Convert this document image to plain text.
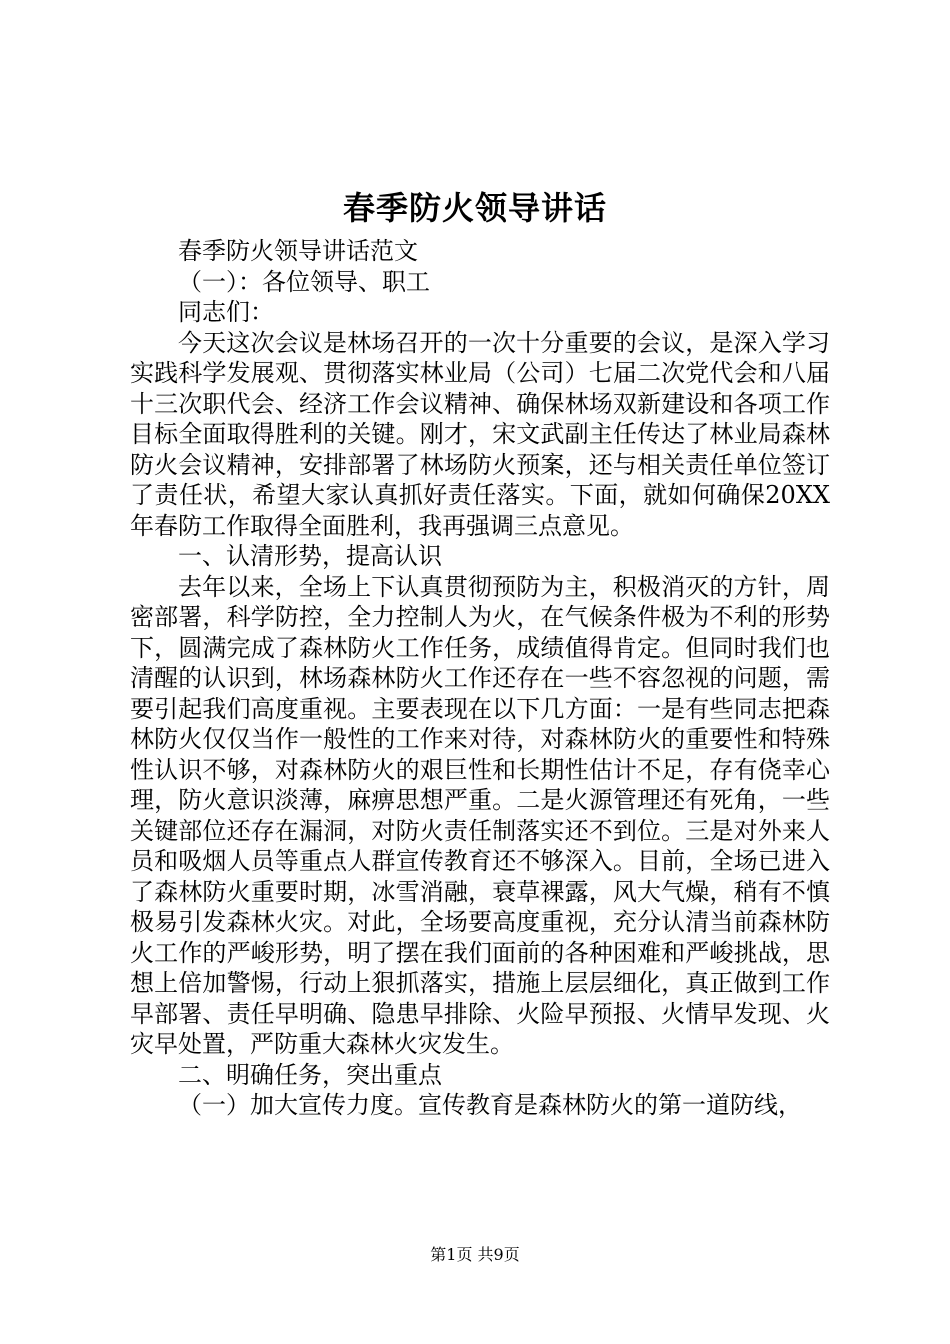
春季防火领导讲话

春季防火领导讲话范文

（一）：各位领导、职工

同志们：

今天这次会议是林场召开的一次十分重要的会议，是深入学习实践科学发展观、贯彻落实林业局（公司）七届二次党代会和八届十三次职代会、经济工作会议精神、确保林场双新建设和各项工作目标全面取得胜利的关键。刚才，宋文武副主任传达了林业局森林防火会议精神，安排部署了林场防火预案，还与相关责任单位签订了责任状，希望大家认真抓好责任落实。下面，就如何确保20XX年春防工作取得全面胜利，我再强调三点意见。

一、认清形势，提高认识

去年以来，全场上下认真贯彻预防为主，积极消灭的方针，周密部署，科学防控，全力控制人为火，在气候条件极为不利的形势下，圆满完成了森林防火工作任务，成绩值得肯定。但同时我们也清醒的认识到，林场森林防火工作还存在一些不容忽视的问题，需要引起我们高度重视。主要表现在以下几方面：一是有些同志把森林防火仅仅当作一般性的工作来对待，对森林防火的重要性和特殊性认识不够，对森林防火的艰巨性和长期性估计不足，存有侥幸心理，防火意识淡薄，麻痹思想严重。二是火源管理还有死角，一些关键部位还存在漏洞，对防火责任制落实还不到位。三是对外来人员和吸烟人员等重点人群宣传教育还不够深入。目前，全场已进入了森林防火重要时期，冰雪消融，衰草裸露，风大气燥，稍有不慎极易引发森林火灾。对此，全场要高度重视，充分认清当前森林防火工作的严峻形势，明了摆在我们面前的各种困难和严峻挑战，思想上倍加警惕，行动上狠抓落实，措施上层层细化，真正做到工作早部署、责任早明确、隐患早排除、火险早预报、火情早发现、火灾早处置，严防重大森林火灾发生。

二、明确任务，突出重点

（一）加大宣传力度。宣传教育是森林防火的第一道防线，

第1页 共9页
